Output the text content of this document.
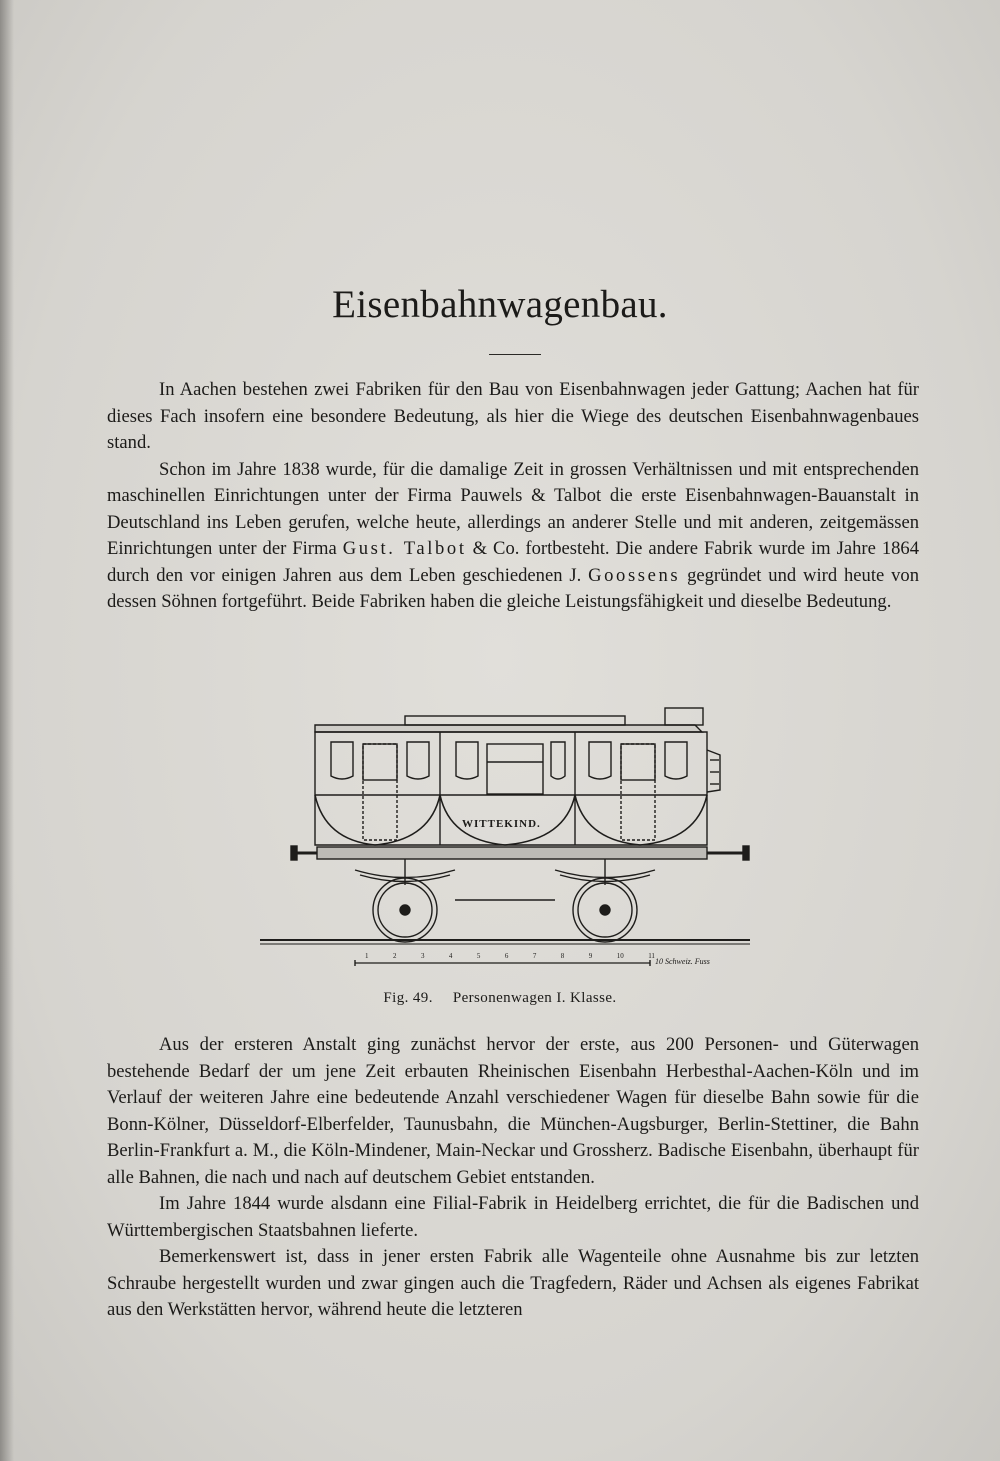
Eisenbahnwagenbau.

In Aachen bestehen zwei Fabriken für den Bau von Eisenbahnwagen jeder Gattung; Aachen hat für dieses Fach insofern eine besondere Bedeutung, als hier die Wiege des deutschen Eisenbahnwagenbaues stand.

Schon im Jahre 1838 wurde, für die damalige Zeit in grossen Verhältnissen und mit entsprechenden maschinellen Einrichtungen unter der Firma Pauwels & Talbot die erste Eisenbahnwagen-Bauanstalt in Deutschland ins Leben gerufen, welche heute, allerdings an anderer Stelle und mit anderen, zeitgemässen Einrichtungen unter der Firma Gust. Talbot & Co. fortbesteht. Die andere Fabrik wurde im Jahre 1864 durch den vor einigen Jahren aus dem Leben geschiedenen J. Goossens gegründet und wird heute von dessen Söhnen fortgeführt. Beide Fabriken haben die gleiche Leistungsfähigkeit und dieselbe Bedeutung.

WITTEKIND.
10 Schweiz. Fuss
1	2	3	4	5	6	7	8	9	10	11
Fig. 49. Personenwagen I. Klasse.

Aus der ersteren Anstalt ging zunächst hervor der erste, aus 200 Personen- und Güterwagen bestehende Bedarf der um jene Zeit erbauten Rheinischen Eisenbahn Herbesthal-Aachen-Köln und im Verlauf der weiteren Jahre eine bedeutende Anzahl verschiedener Wagen für dieselbe Bahn sowie für die Bonn-Kölner, Düsseldorf-Elberfelder, Taunusbahn, die München-Augsburger, Berlin-Stettiner, die Bahn Berlin-Frankfurt a. M., die Köln-Mindener, Main-Neckar und Grossherz. Badische Eisenbahn, überhaupt für alle Bahnen, die nach und nach auf deutschem Gebiet entstanden.

Im Jahre 1844 wurde alsdann eine Filial-Fabrik in Heidelberg errichtet, die für die Badischen und Württembergischen Staatsbahnen lieferte.

Bemerkenswert ist, dass in jener ersten Fabrik alle Wagenteile ohne Ausnahme bis zur letzten Schraube hergestellt wurden und zwar gingen auch die Tragfedern, Räder und Achsen als eigenes Fabrikat aus den Werkstätten hervor, während heute die letzteren
